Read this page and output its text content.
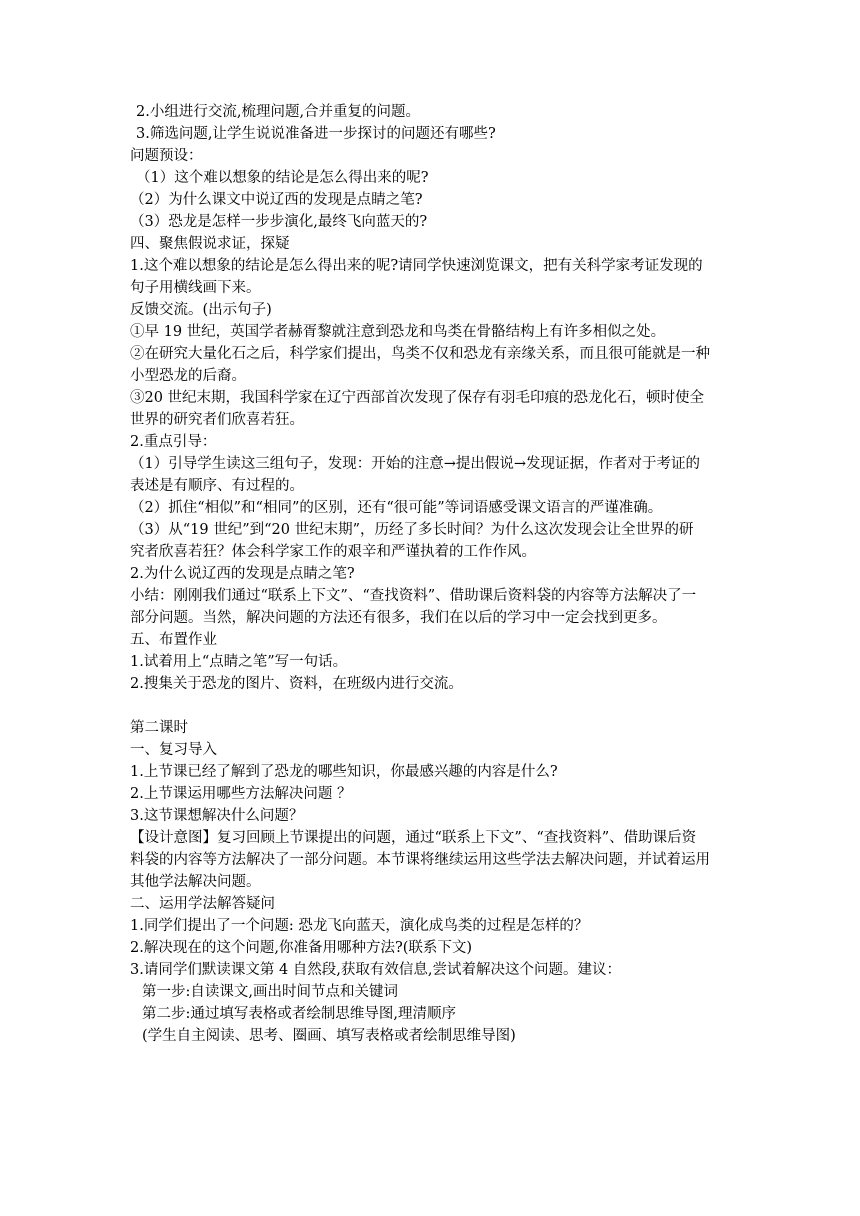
2.小组进行交流,梳理问题,合并重复的问题。
3.筛选问题,让学生说说准备进一步探讨的问题还有哪些?
问题预设：
（1）这个难以想象的结论是怎么得出来的呢?
（2）为什么课文中说辽西的发现是点睛之笔?
（3）恐龙是怎样一步步演化,最终飞向蓝天的?
四、聚焦假说求证，探疑
1.这个难以想象的结论是怎么得出来的呢?请同学快速浏览课文，把有关科学家考证发现的
句子用横线画下来。
反馈交流。(出示句子)
①早 19 世纪，英国学者赫胥黎就注意到恐龙和鸟类在骨骼结构上有许多相似之处。
②在研究大量化石之后，科学家们提出，鸟类不仅和恐龙有亲缘关系，而且很可能就是一种
小型恐龙的后裔。
③20 世纪末期，我国科学家在辽宁西部首次发现了保存有羽毛印痕的恐龙化石，顿时使全
世界的研究者们欣喜若狂。
2.重点引导：
（1）引导学生读这三组句子，发现：开始的注意→提出假说→发现证据，作者对于考证的
表述是有顺序、有过程的。
（2）抓住“相似”和“相同”的区别，还有“很可能”等词语感受课文语言的严谨准确。
（3）从“19 世纪”到“20 世纪末期”，历经了多长时间？为什么这次发现会让全世界的研
究者欣喜若狂？体会科学家工作的艰辛和严谨执着的工作作风。
2.为什么说辽西的发现是点睛之笔?
小结：刚刚我们通过“联系上下文”、“查找资料”、借助课后资料袋的内容等方法解决了一
部分问题。当然，解决问题的方法还有很多，我们在以后的学习中一定会找到更多。
五、布置作业
1.试着用上“点睛之笔”写一句话。
2.搜集关于恐龙的图片、资料，在班级内进行交流。
第二课时
一、复习导入
1.上节课已经了解到了恐龙的哪些知识，你最感兴趣的内容是什么?
2.上节课运用哪些方法解决问题 ？
3.这节课想解决什么问题？
【设计意图】复习回顾上节课提出的问题，通过“联系上下文”、“查找资料”、借助课后资
料袋的内容等方法解决了一部分问题。本节课将继续运用这些学法去解决问题，并试着运用
其他学法解决问题。
二、运用学法解答疑问
1.同学们提出了一个问题: 恐龙飞向蓝天，演化成鸟类的过程是怎样的？
2.解决现在的这个问题,你准备用哪种方法?(联系下文)
3.请同学们默读课文第 4 自然段,获取有效信息,尝试着解决这个问题。建议：
第一步:自读课文,画出时间节点和关键词
第二步:通过填写表格或者绘制思维导图,理清顺序
(学生自主阅读、思考、圈画、填写表格或者绘制思维导图)
